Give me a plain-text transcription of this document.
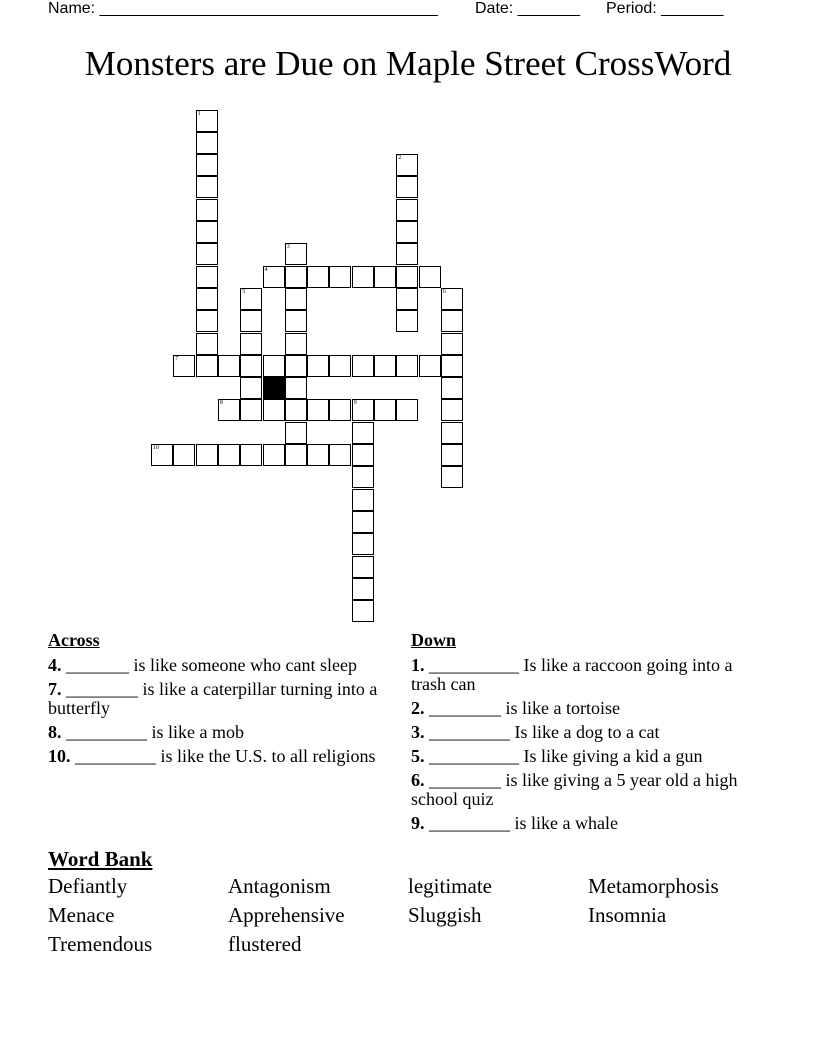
Name: ______________________________________

Date: _______

Period: _______

Monsters are Due on Maple Street CrossWord
1
2
3
4
5	6
7
8	9
10
Across
4. _______ is like someone who cant sleep
7. ________ is like a caterpillar turning into a butterfly
8. _________ is like a mob
10. _________ is like the U.S. to all religions
Down
1. __________ Is like a raccoon going into a trash can
2. ________ is like a tortoise
3. _________ Is like a dog to a cat
5. __________ Is like giving a kid a gun
6. ________ is like giving a 5 year old a high school quiz
9. _________ is like a whale
Word Bank
Defiantly	Antagonism	legitimate	Metamorphosis
Menace	Apprehensive	Sluggish	Insomnia
Tremendous	flustered
